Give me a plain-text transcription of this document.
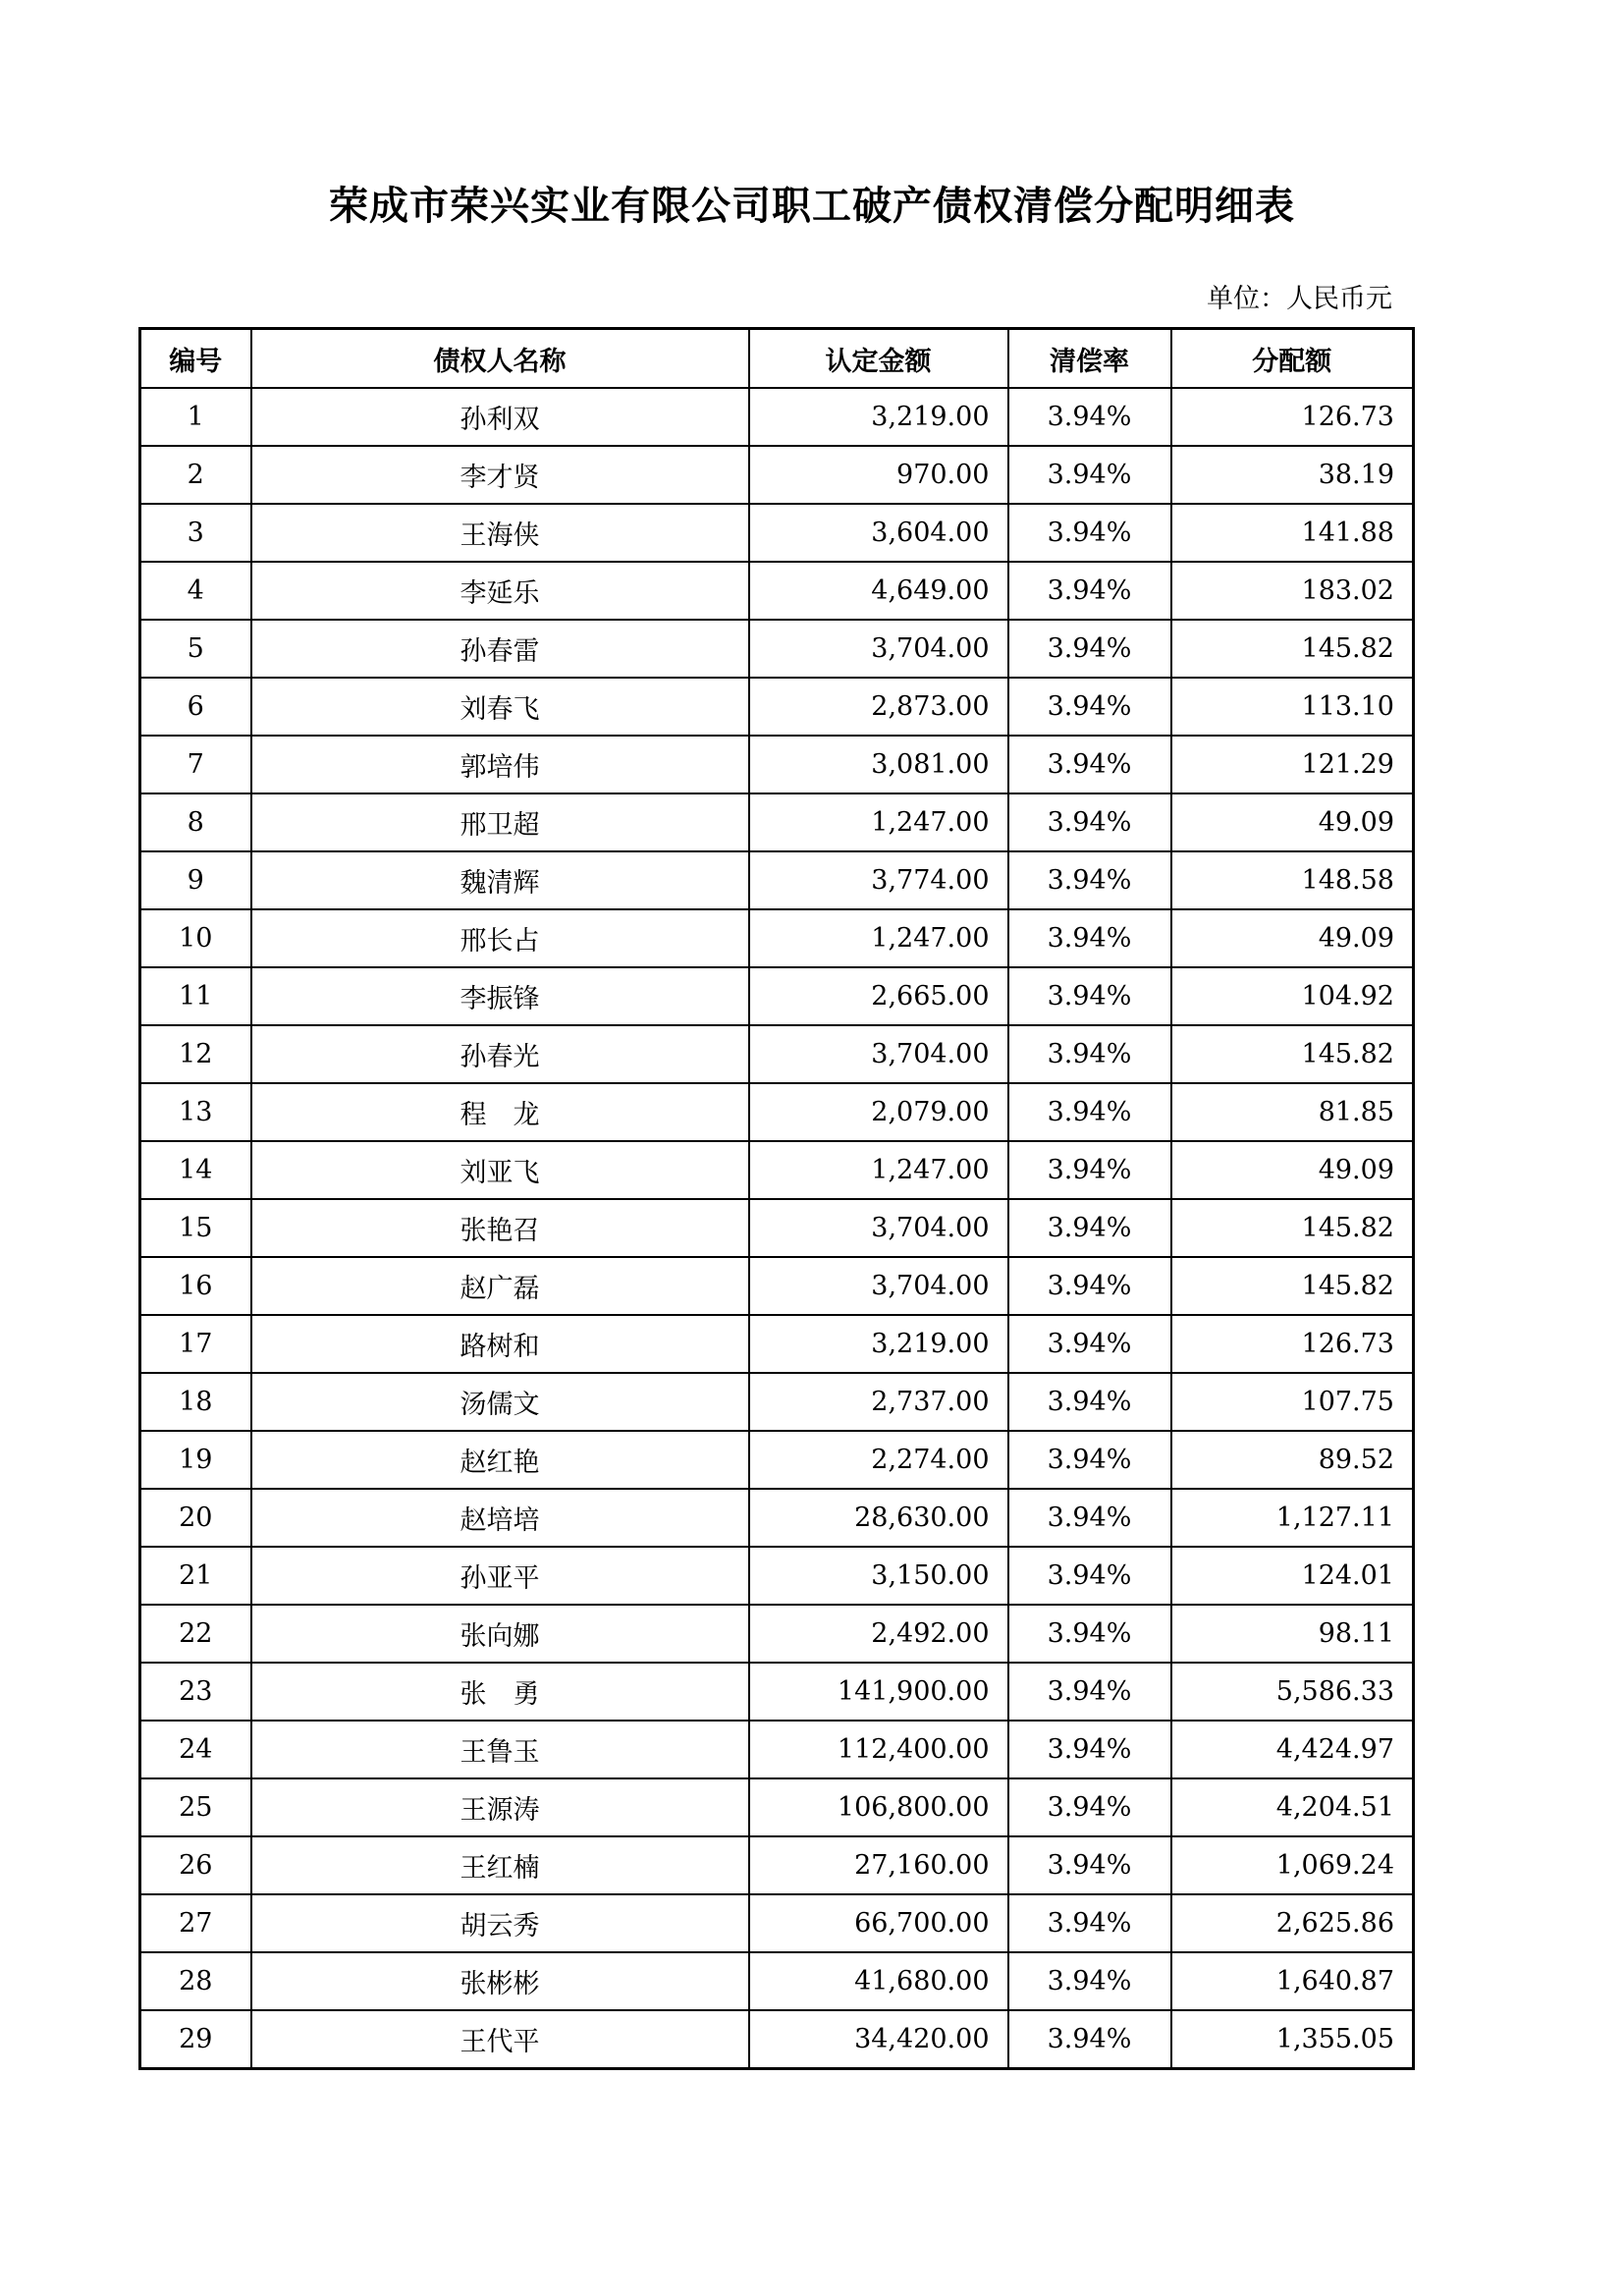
荣成市荣兴实业有限公司职工破产债权清偿分配明细表
单位：人民币元
编号	债权人名称	认定金额	清偿率	分配额
1	孙利双	3,219.00	3.94%	126.73
2	李才贤	970.00	3.94%	38.19
3	王海侠	3,604.00	3.94%	141.88
4	李延乐	4,649.00	3.94%	183.02
5	孙春雷	3,704.00	3.94%	145.82
6	刘春飞	2,873.00	3.94%	113.10
7	郭培伟	3,081.00	3.94%	121.29
8	邢卫超	1,247.00	3.94%	49.09
9	魏清辉	3,774.00	3.94%	148.58
10	邢长占	1,247.00	3.94%	49.09
11	李振锋	2,665.00	3.94%	104.92
12	孙春光	3,704.00	3.94%	145.82
13	程　龙	2,079.00	3.94%	81.85
14	刘亚飞	1,247.00	3.94%	49.09
15	张艳召	3,704.00	3.94%	145.82
16	赵广磊	3,704.00	3.94%	145.82
17	路树和	3,219.00	3.94%	126.73
18	汤儒文	2,737.00	3.94%	107.75
19	赵红艳	2,274.00	3.94%	89.52
20	赵培培	28,630.00	3.94%	1,127.11
21	孙亚平	3,150.00	3.94%	124.01
22	张向娜	2,492.00	3.94%	98.11
23	张　勇	141,900.00	3.94%	5,586.33
24	王鲁玉	112,400.00	3.94%	4,424.97
25	王源涛	106,800.00	3.94%	4,204.51
26	王红楠	27,160.00	3.94%	1,069.24
27	胡云秀	66,700.00	3.94%	2,625.86
28	张彬彬	41,680.00	3.94%	1,640.87
29	王代平	34,420.00	3.94%	1,355.05
